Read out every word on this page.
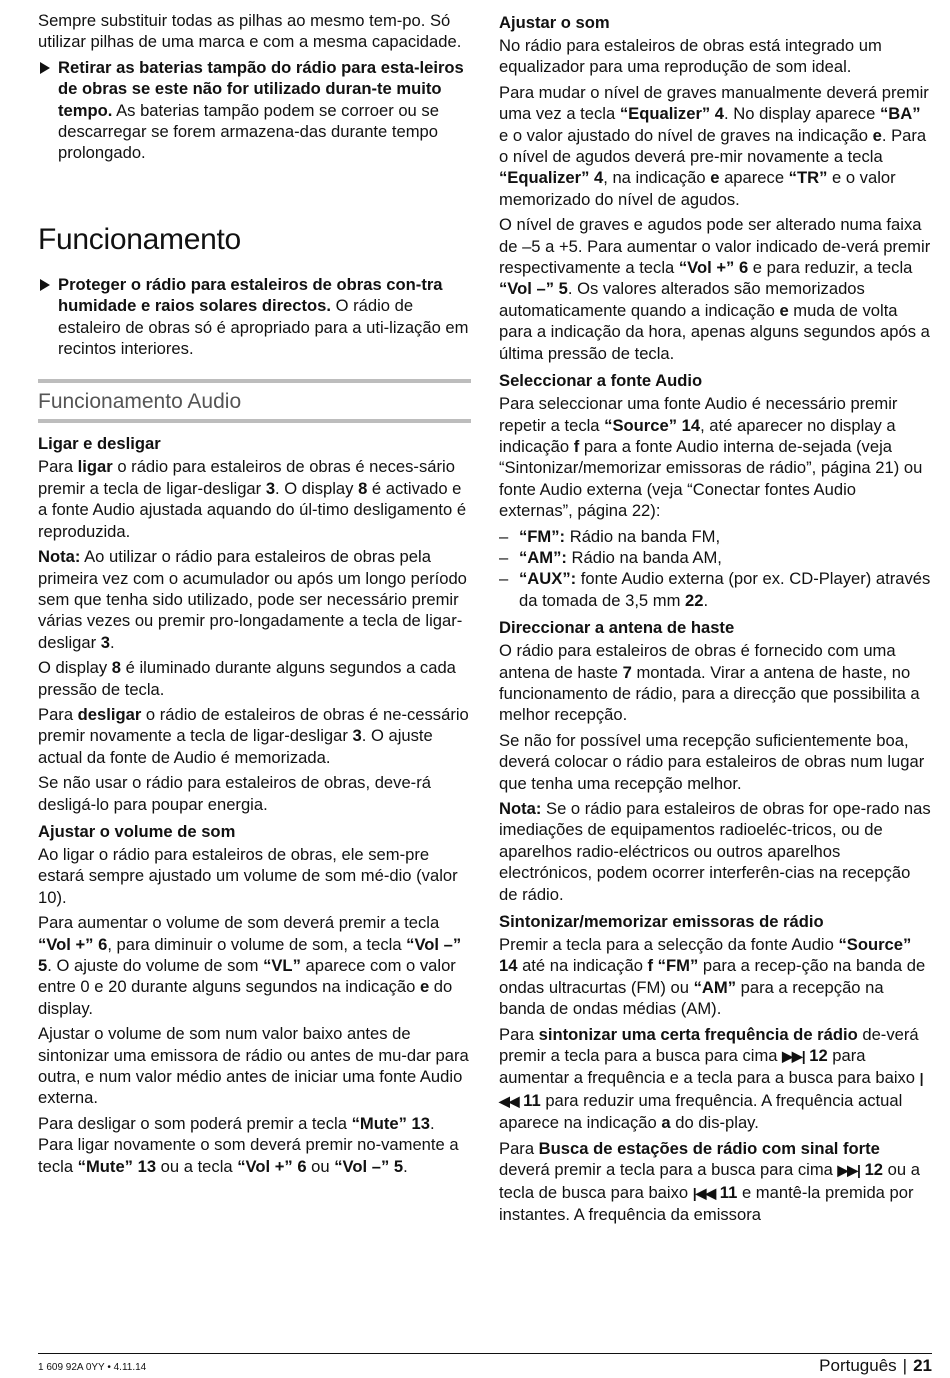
Sempre substituir todas as pilhas ao mesmo tem-po. Só utilizar pilhas de uma marca e com a mesma capacidade.

Retirar as baterias tampão do rádio para esta-leiros de obras se este não for utilizado duran-te muito tempo. As baterias tampão podem se corroer ou se descarregar se forem armazena-das durante tempo prolongado.

Funcionamento

Proteger o rádio para estaleiros de obras con-tra humidade e raios solares directos. O rádio de estaleiro de obras só é apropriado para a uti-lização em recintos interiores.

Funcionamento Audio
Ligar e desligar

Para ligar o rádio para estaleiros de obras é neces-sário premir a tecla de ligar-desligar 3. O display 8 é activado e a fonte Audio ajustada aquando do úl-timo desligamento é reproduzida.

Nota: Ao utilizar o rádio para estaleiros de obras pela primeira vez com o acumulador ou após um longo período sem que tenha sido utilizado, pode ser necessário premir várias vezes ou premir pro-longadamente a tecla de ligar-desligar 3.

O display 8 é iluminado durante alguns segundos a cada pressão de tecla.

Para desligar o rádio de estaleiros de obras é ne-cessário premir novamente a tecla de ligar-desligar 3. O ajuste actual da fonte de Audio é memorizada.

Se não usar o rádio para estaleiros de obras, deve-rá desligá-lo para poupar energia.

Ajustar o volume de som

Ao ligar o rádio para estaleiros de obras, ele sem-pre estará sempre ajustado um volume de som mé-dio (valor 10).

Para aumentar o volume de som deverá premir a tecla “Vol +” 6, para diminuir o volume de som, a tecla “Vol –” 5. O ajuste do volume de som “VL” aparece com o valor entre 0 e 20 durante alguns segundos na indicação e do display.

Ajustar o volume de som num valor baixo antes de sintonizar uma emissora de rádio ou antes de mu-dar para outra, e num valor médio antes de iniciar uma fonte Audio externa.

Para desligar o som poderá premir a tecla “Mute” 13. Para ligar novamente o som deverá premir no-vamente a tecla “Mute” 13 ou a tecla “Vol +” 6 ou “Vol –” 5.

Ajustar o som

No rádio para estaleiros de obras está integrado um equalizador para uma reprodução de som ideal.

Para mudar o nível de graves manualmente deverá premir uma vez a tecla “Equalizer” 4. No display aparece “BA” e o valor ajustado do nível de graves na indicação e. Para o nível de agudos deverá pre-mir novamente a tecla “Equalizer” 4, na indicação e aparece “TR” e o valor memorizado do nível de agudos.

O nível de graves e agudos pode ser alterado numa faixa de –5 a +5. Para aumentar o valor indicado de-verá premir respectivamente a tecla “Vol +” 6 e para reduzir, a tecla “Vol –” 5. Os valores alterados são memorizados automaticamente quando a indicação e muda de volta para a indicação da hora, apenas alguns segundos após a última pressão de tecla.

Seleccionar a fonte Audio

Para seleccionar uma fonte Audio é necessário premir repetir a tecla “Source” 14, até aparecer no display a indicação f para a fonte Audio interna de-sejada (veja “Sintonizar/memorizar emissoras de rádio”, página 21) ou fonte Audio externa (veja “Conectar fontes Audio externas”, página 22):

– “FM”: Rádio na banda FM,

– “AM”: Rádio na banda AM,

– “AUX”: fonte Audio externa (por ex. CD-Player) através da tomada de 3,5 mm 22.

Direccionar a antena de haste

O rádio para estaleiros de obras é fornecido com uma antena de haste 7 montada. Virar a antena de haste, no funcionamento de rádio, para a direcção que possibilita a melhor recepção.

Se não for possível uma recepção suficientemente boa, deverá colocar o rádio para estaleiros de obras num lugar que tenha uma recepção melhor.

Nota: Se o rádio para estaleiros de obras for ope-rado nas imediações de equipamentos radioeléc-tricos, ou de aparelhos radio-eléctricos ou outros aparelhos electrónicos, podem ocorrer interferên-cias na recepção de rádio.

Sintonizar/memorizar emissoras de rádio

Premir a tecla para a selecção da fonte Audio “Source” 14 até na indicação f “FM” para a recep-ção na banda de ondas ultracurtas (FM) ou “AM” para a recepção na banda de ondas médias (AM).

Para sintonizar uma certa frequência de rádio de-verá premir a tecla para a busca para cima ▶▶| 12 para aumentar a frequência e a tecla para a busca para baixo |◀◀ 11 para reduzir uma frequência. A frequência actual aparece na indicação a do dis-play.

Para Busca de estações de rádio com sinal forte deverá premir a tecla para a busca para cima ▶▶| 12 ou a tecla de busca para baixo |◀◀ 11 e mantê-la premida por instantes. A frequência da emissora

1 609 92A 0YY • 4.11.14	Português | 21
